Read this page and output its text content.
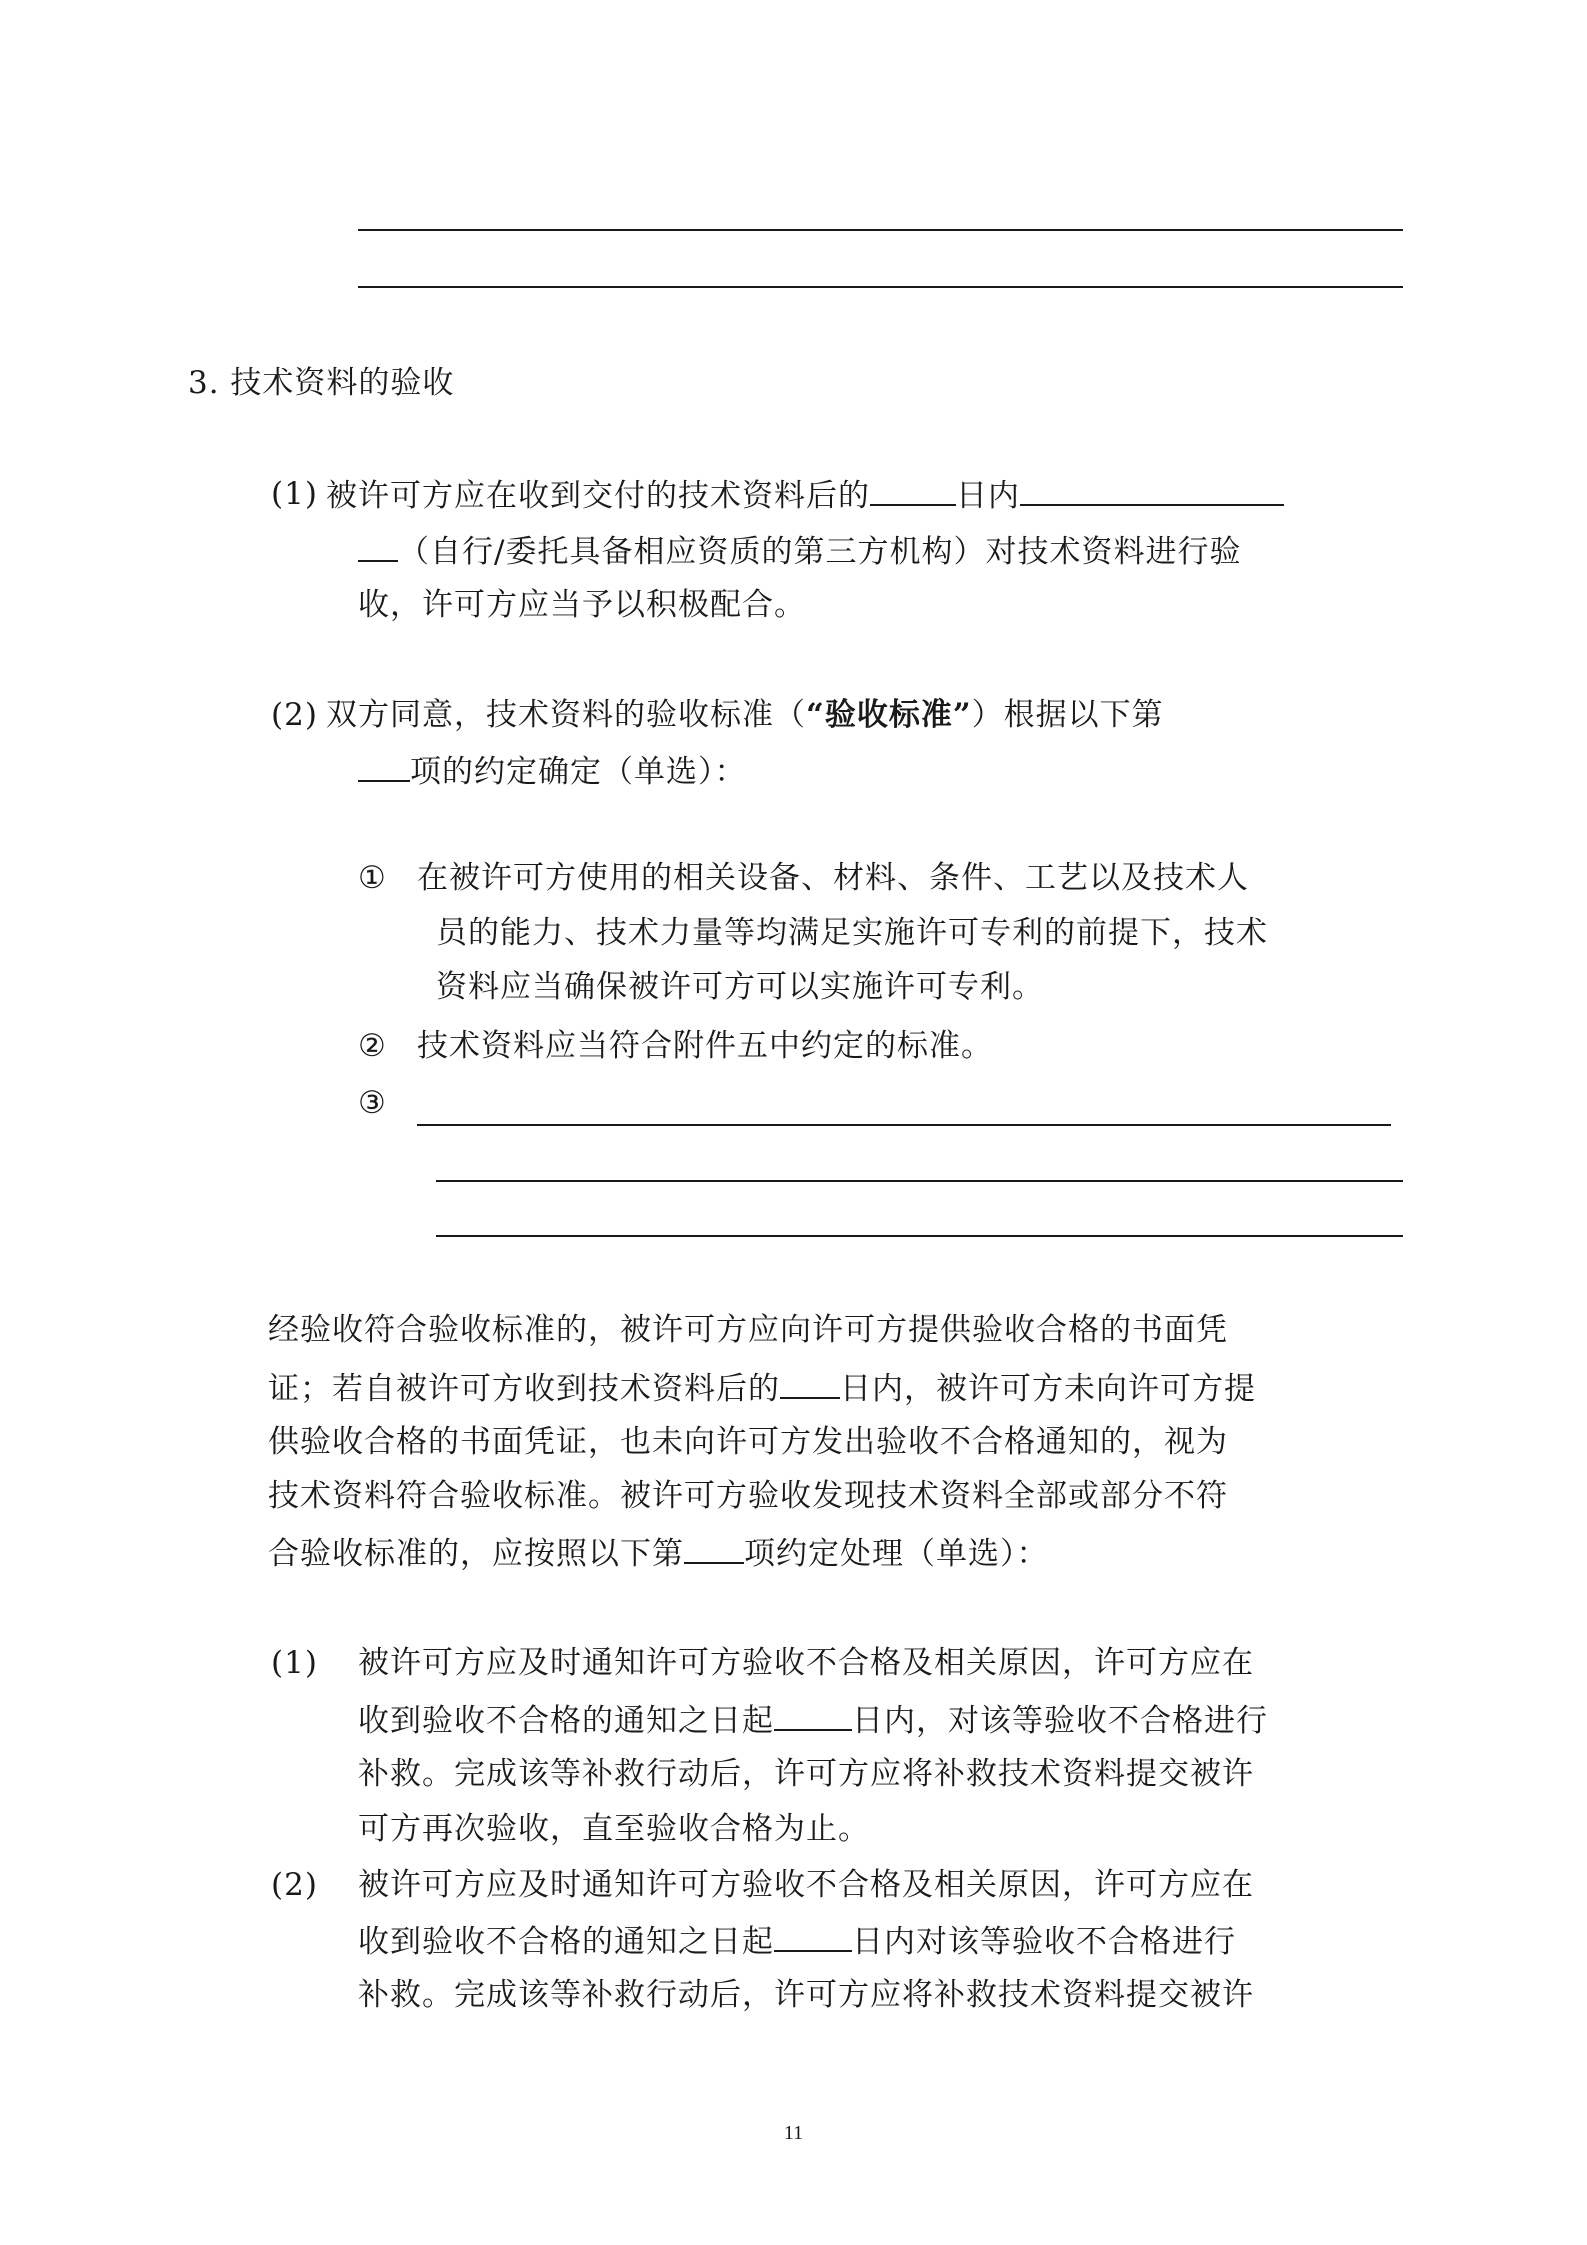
3. 技术资料的验收
(1) 被许可方应在收到交付的技术资料后的	日内
（自行/委托具备相应资质的第三方机构）对技术资料进行验
收，许可方应当予以积极配合。
(2) 双方同意，技术资料的验收标准（“验收标准”）根据以下第
项的约定确定（单选）：
① 在被许可方使用的相关设备、材料、条件、工艺以及技术人
员的能力、技术力量等均满足实施许可专利的前提下，技术
资料应当确保被许可方可以实施许可专利。
② 技术资料应当符合附件五中约定的标准。
③
经验收符合验收标准的，被许可方应向许可方提供验收合格的书面凭
证；若自被许可方收到技术资料后的 日内，被许可方未向许可方提
供验收合格的书面凭证，也未向许可方发出验收不合格通知的，视为
技术资料符合验收标准。被许可方验收发现技术资料全部或部分不符
合验收标准的，应按照以下第 项约定处理（单选）：
(1) 被许可方应及时通知许可方验收不合格及相关原因，许可方应在
收到验收不合格的通知之日起	日内，对该等验收不合格进行
补救。完成该等补救行动后，许可方应将补救技术资料提交被许
可方再次验收，直至验收合格为止。
(2) 被许可方应及时通知许可方验收不合格及相关原因，许可方应在
收到验收不合格的通知之日起	日内对该等验收不合格进行
补救。完成该等补救行动后，许可方应将补救技术资料提交被许
11
